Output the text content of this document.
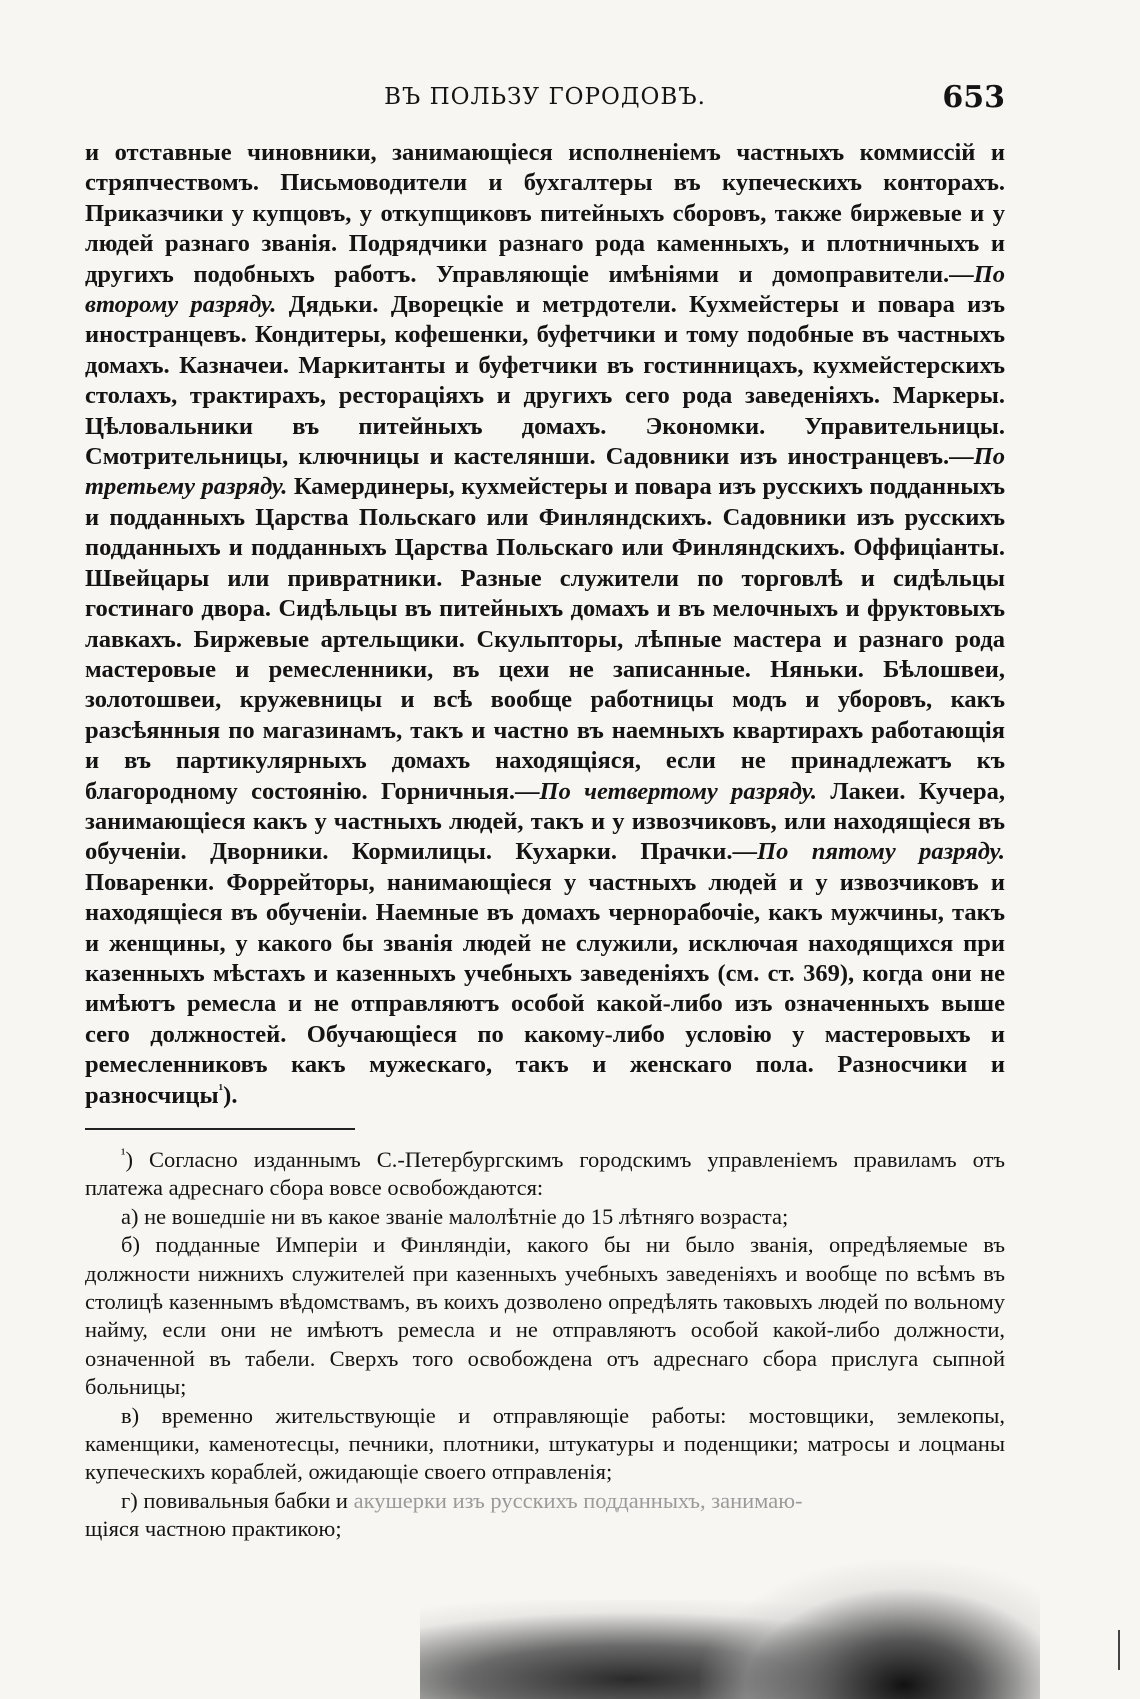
ВЪ ПОЛЬЗУ ГОРОДОВЪ.	653

и отставные чиновники, занимающіеся исполненіемъ частныхъ коммиссій и стряпчествомъ. Письмоводители и бухгалтеры въ купеческихъ конторахъ. Приказчики у купцовъ, у откупщиковъ питейныхъ сборовъ, также биржевые и у людей разнаго званія. Подрядчики разнаго рода каменныхъ, и плотничныхъ и другихъ подобныхъ работъ. Управляющіе имѣніями и домоправители.—По второму разряду. Дядьки. Дворецкіе и метрдотели. Кухмейстеры и повара изъ иностранцевъ. Кондитеры, кофешенки, буфетчики и тому подобные въ частныхъ домахъ. Казначеи. Маркитанты и буфетчики въ гостинницахъ, кухмейстерскихъ столахъ, трактирахъ, ресторацiяхъ и другихъ сего рода заведеніяхъ. Маркеры. Цѣловальники въ питейныхъ домахъ. Экономки. Управительницы. Смотрительницы, ключницы и кастелянши. Садовники изъ иностранцевъ.—По третьему разряду. Камердинеры, кухмейстеры и повара изъ русскихъ подданныхъ и подданныхъ Царства Польскаго или Финляндскихъ. Садовники изъ русскихъ подданныхъ и подданныхъ Царства Польскаго или Финляндскихъ. Оффиціанты. Швейцары или привратники. Разные служители по торговлѣ и сидѣльцы гостинаго двора. Сидѣльцы въ питейныхъ домахъ и въ мелочныхъ и фруктовыхъ лавкахъ. Биржевые артельщики. Скульпторы, лѣпные мастера и разнаго рода мастеровые и ремесленники, въ цехи не записанные. Няньки. Бѣлошвеи, золотошвеи, кружевницы и всѣ вообще работницы модъ и уборовъ, какъ разсѣянныя по магазинамъ, такъ и частно въ наемныхъ квартирахъ работающія и въ партикулярныхъ домахъ находящіяся, если не принадлежатъ къ благородному состоянію. Горничныя.—По четвертому разряду. Лакеи. Кучера, занимающіеся какъ у частныхъ людей, такъ и у извозчиковъ, или находящіеся въ обученіи. Дворники. Кормилицы. Кухарки. Прачки.—По пятому разряду. Поваренки. Форрейторы, нанимающіеся у частныхъ людей и у извозчиковъ и находящіеся въ обученіи. Наемные въ домахъ чернорабочіе, какъ мужчины, такъ и женщины, у какого бы званія людей не служили, исключая находящихся при казенныхъ мѣстахъ и казенныхъ учебныхъ заведеніяхъ (см. ст. 369), когда они не имѣютъ ремесла и не отправляютъ особой какой-либо изъ означенныхъ выше сего должностей. Обучающіеся по какому-либо условію у мастеровыхъ и ремесленниковъ какъ мужескаго, такъ и женскаго пола. Разносчики и разносчицы$^{^1}$).

$^{^1}$) Согласно изданнымъ С.-Петербургскимъ городскимъ управленіемъ правиламъ отъ платежа адреснаго сбора вовсе освобождаются:

а) не вошедшіе ни въ какое званіе малолѣтніе до 15 лѣтняго возраста;

б) подданные Имперіи и Финляндіи, какого бы ни было званія, опредѣляемые въ должности нижнихъ служителей при казенныхъ учебныхъ заведеніяхъ и вообще по всѣмъ въ столицѣ казеннымъ вѣдомствамъ, въ коихъ дозволено опредѣлять таковыхъ людей по вольному найму, если они не имѣютъ ремесла и не отправляютъ особой какой-либо должности, означенной въ табели. Сверхъ того освобождена отъ адреснаго сбора прислуга сыпной больницы;

в) временно жительствующіе и отправляющіе работы: мостовщики, землекопы, каменщики, каменотесцы, печники, плотники, штукатуры и поденщики; матросы и лоцманы купеческихъ кораблей, ожидающіе своего отправленія;

г) повивальныя бабки и акушерки изъ русскихъ подданныхъ, занимаю-

щіяся частною практикою;
